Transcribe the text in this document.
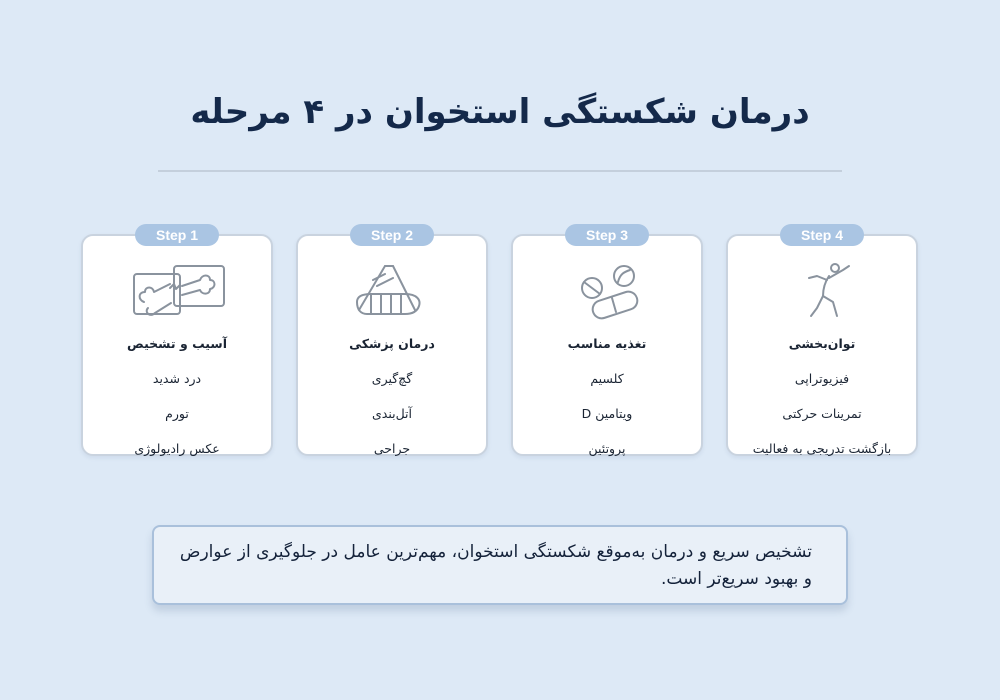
درمان شکستگی استخوان در ۴ مرحله
Step 1
آسیب و تشخیص
درد شدید
تورم
عکس رادیولوژی
Step 2
درمان پزشکی
گچ‌گیری
آتل‌بندی
جراحی
Step 3
تغذیه مناسب
کلسیم
ویتامین D
پروتئین
Step 4
توان‌بخشی
فیزیوتراپی
تمرینات حرکتی
بازگشت تدریجی به فعالیت
تشخیص سریع و درمان به‌موقع شکستگی استخوان، مهم‌ترین عامل در جلوگیری از عوارض و بهبود سریع‌تر است.
